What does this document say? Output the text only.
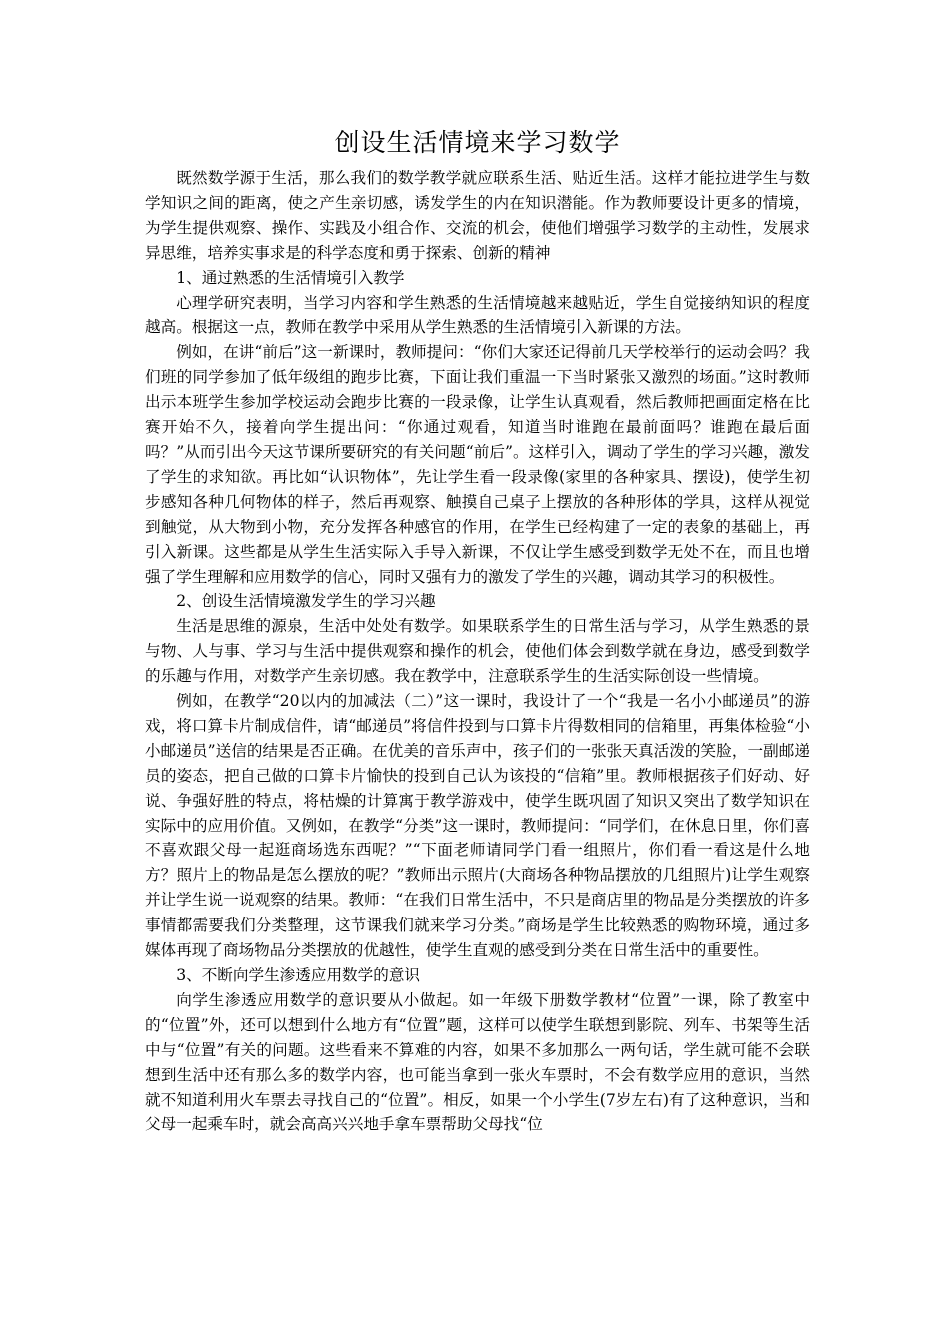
创设生活情境来学习数学

既然数学源于生活，那么我们的数学教学就应联系生活、贴近生活。这样才能拉进学生与数学知识之间的距离，使之产生亲切感，诱发学生的内在知识潜能。作为教师要设计更多的情境，为学生提供观察、操作、实践及小组合作、交流的机会，使他们增强学习数学的主动性，发展求异思维，培养实事求是的科学态度和勇于探索、创新的精神

1、通过熟悉的生活情境引入教学

心理学研究表明，当学习内容和学生熟悉的生活情境越来越贴近，学生自觉接纳知识的程度越高。根据这一点，教师在教学中采用从学生熟悉的生活情境引入新课的方法。

例如，在讲“前后”这一新课时，教师提问：“你们大家还记得前几天学校举行的运动会吗？我们班的同学参加了低年级组的跑步比赛，下面让我们重温一下当时紧张又激烈的场面。”这时教师出示本班学生参加学校运动会跑步比赛的一段录像，让学生认真观看，然后教师把画面定格在比赛开始不久，接着向学生提出问：“你通过观看，知道当时谁跑在最前面吗？谁跑在最后面吗？”从而引出今天这节课所要研究的有关问题“前后”。这样引入，调动了学生的学习兴趣，激发了学生的求知欲。再比如“认识物体”，先让学生看一段录像(家里的各种家具、摆设)，使学生初步感知各种几何物体的样子，然后再观察、触摸自己桌子上摆放的各种形体的学具，这样从视觉到触觉，从大物到小物，充分发挥各种感官的作用，在学生已经构建了一定的表象的基础上，再引入新课。这些都是从学生生活实际入手导入新课，不仅让学生感受到数学无处不在，而且也增强了学生理解和应用数学的信心，同时又强有力的激发了学生的兴趣，调动其学习的积极性。

2、创设生活情境激发学生的学习兴趣

生活是思维的源泉，生活中处处有数学。如果联系学生的日常生活与学习，从学生熟悉的景与物、人与事、学习与生活中提供观察和操作的机会，使他们体会到数学就在身边，感受到数学的乐趣与作用，对数学产生亲切感。我在教学中，注意联系学生的生活实际创设一些情境。

例如，在教学“20以内的加减法（二）”这一课时，我设计了一个“我是一名小小邮递员”的游戏，将口算卡片制成信件，请“邮递员”将信件投到与口算卡片得数相同的信箱里，再集体检验“小小邮递员”送信的结果是否正确。在优美的音乐声中，孩子们的一张张天真活泼的笑脸，一副邮递员的姿态，把自己做的口算卡片愉快的投到自己认为该投的“信箱”里。教师根据孩子们好动、好说、争强好胜的特点，将枯燥的计算寓于教学游戏中，使学生既巩固了知识又突出了数学知识在实际中的应用价值。又例如，在教学“分类”这一课时，教师提问：“同学们，在休息日里，你们喜不喜欢跟父母一起逛商场选东西呢？”“下面老师请同学门看一组照片，你们看一看这是什么地方？照片上的物品是怎么摆放的呢？”教师出示照片(大商场各种物品摆放的几组照片)让学生观察并让学生说一说观察的结果。教师：“在我们日常生活中，不只是商店里的物品是分类摆放的许多事情都需要我们分类整理，这节课我们就来学习分类。”商场是学生比较熟悉的购物环境，通过多媒体再现了商场物品分类摆放的优越性，使学生直观的感受到分类在日常生活中的重要性。

3、不断向学生渗透应用数学的意识

向学生渗透应用数学的意识要从小做起。如一年级下册数学教材“位置”一课，除了教室中的“位置”外，还可以想到什么地方有“位置”题，这样可以使学生联想到影院、列车、书架等生活中与“位置”有关的问题。这些看来不算难的内容，如果不多加那么一两句话，学生就可能不会联想到生活中还有那么多的数学内容，也可能当拿到一张火车票时，不会有数学应用的意识，当然就不知道利用火车票去寻找自己的“位置”。相反，如果一个小学生(7岁左右)有了这种意识，当和父母一起乘车时，就会高高兴兴地手拿车票帮助父母找“位
